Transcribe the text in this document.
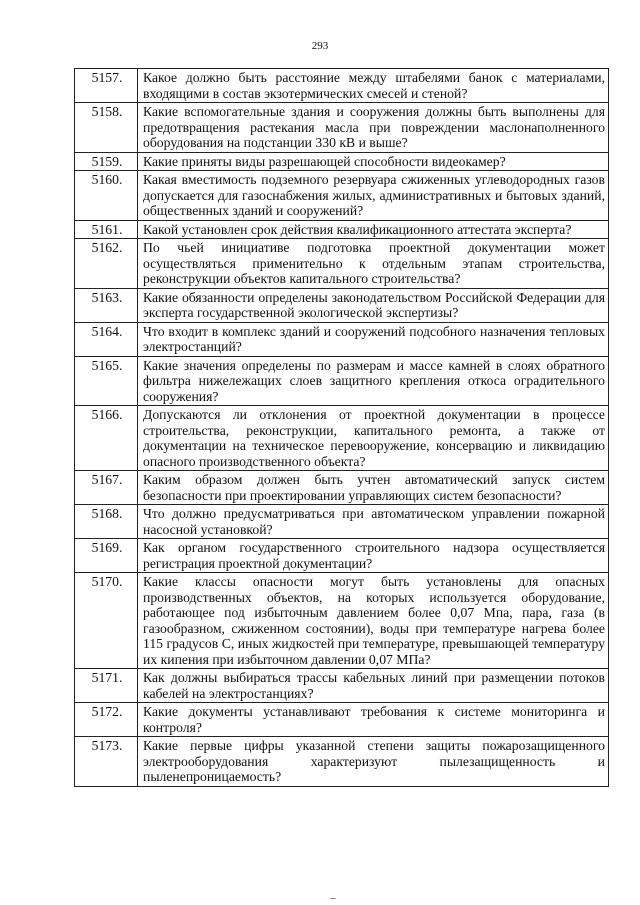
293
5157.	Какое должно быть расстояние между штабелями банок с материалами, входящими в состав экзотермических смесей и стеной?
5158.	Какие вспомогательные здания и сооружения должны быть выполнены для предотвращения растекания масла при повреждении маслонаполненного оборудования на подстанции 330 кВ и выше?
5159.	Какие приняты виды разрешающей способности видеокамер?
5160.	Какая вместимость подземного резервуара сжиженных углеводородных газов допускается для газоснабжения жилых, административных и бытовых зданий, общественных зданий и сооружений?
5161.	Какой установлен срок действия квалификационного аттестата эксперта?
5162.	По чьей инициативе подготовка проектной документации может осуществляться применительно к отдельным этапам строительства, реконструкции объектов капитального строительства?
5163.	Какие обязанности определены законодательством Российской Федерации для эксперта государственной экологической экспертизы?
5164.	Что входит в комплекс зданий и сооружений подсобного назначения тепловых электростанций?
5165.	Какие значения определены по размерам и массе камней в слоях обратного фильтра нижележащих слоев защитного крепления откоса оградительного сооружения?
5166.	Допускаются ли отклонения от проектной документации в процессе строительства, реконструкции, капитального ремонта, а также от документации на техническое перевооружение, консервацию и ликвидацию опасного производственного объекта?
5167.	Каким образом должен быть учтен автоматический запуск систем безопасности при проектировании управляющих систем безопасности?
5168.	Что должно предусматриваться при автоматическом управлении пожарной насосной установкой?
5169.	Как органом государственного строительного надзора осуществляется регистрация проектной документации?
5170.	Какие классы опасности могут быть установлены для опасных производственных объектов, на которых используется оборудование, работающее под избыточным давлением более 0,07 Мпа, пара, газа (в газообразном, сжиженном состоянии), воды при температуре нагрева более 115 градусов С, иных жидкостей при температуре, превышающей температуру их кипения при избыточном давлении 0,07 МПа?
5171.	Как должны выбираться трассы кабельных линий при размещении потоков кабелей на электростанциях?
5172.	Какие документы устанавливают требования к системе мониторинга и контроля?
5173.	Какие первые цифры указанной степени защиты пожарозащищенного электрооборудования характеризуют пылезащищенность и пыленепроницаемость?
